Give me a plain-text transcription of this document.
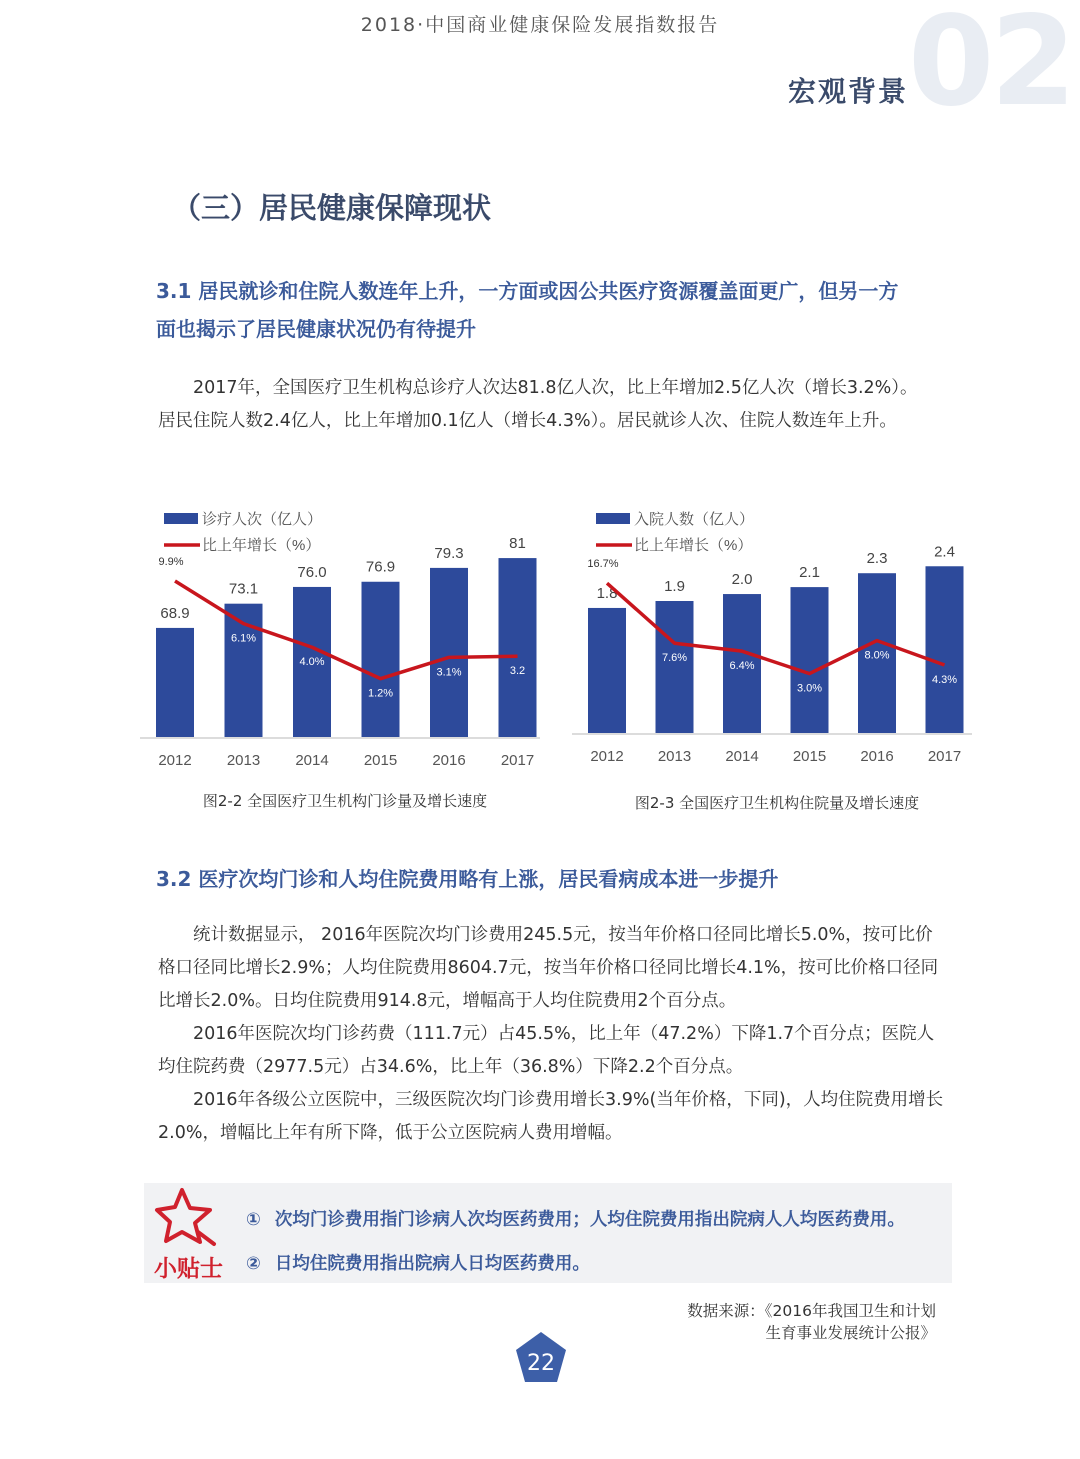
2018·中国商业健康保险发展指数报告	02
宏观背景
（三）居民健康保障现状
3.1 居民就诊和住院人数连年上升，一方面或因公共医疗资源覆盖面更广，但另一方
面也揭示了居民健康状况仍有待提升
2017年，全国医疗卫生机构总诊疗人次达81.8亿人次，比上年增加2.5亿人次（增长3.2%）。
居民住院人数2.4亿人，比上年增加0.1亿人（增长4.3%）。居民就诊人次、住院人数连年上升。
诊疗人次（亿人）
比上年增长（%）
68.9
2012
73.1
2013
76.0
2014
76.9
2015
79.3
2016
81
2017
9.9%
6.1%
4.0%
1.2%
3.1%	3.2
图2-2 全国医疗卫生机构门诊量及增长速度
入院人数（亿人）
比上年增长（%）
1.8
2012
1.9
2013
2.0
2014
2.1
2015
2.3
2016
2.4
2017
16.7%
7.6%
6.4%
3.0%
8.0%
4.3%
图2-3 全国医疗卫生机构住院量及增长速度
3.2 医疗次均门诊和人均住院费用略有上涨，居民看病成本进一步提升

统计数据显示， 2016年医院次均门诊费用245.5元，按当年价格口径同比增长5.0%，按可比价格口径同比增长2.9%；人均住院费用8604.7元，按当年价格口径同比增长4.1%，按可比价格口径同比增长2.0%。日均住院费用914.8元，增幅高于人均住院费用2个百分点。

2016年医院次均门诊药费（111.7元）占45.5%，比上年（47.2%）下降1.7个百分点；医院人均住院药费（2977.5元）占34.6%，比上年（36.8%）下降2.2个百分点。

2016年各级公立医院中，三级医院次均门诊费用增长3.9%(当年价格，下同)，人均住院费用增长2.0%，增幅比上年有所下降，低于公立医院病人费用增幅。

小贴士
① 次均门诊费用指门诊病人次均医药费用；人均住院费用指出院病人人均医药费用。
② 日均住院费用指出院病人日均医药费用。
数据来源：《2016年我国卫生和计划
生育事业发展统计公报》
22
